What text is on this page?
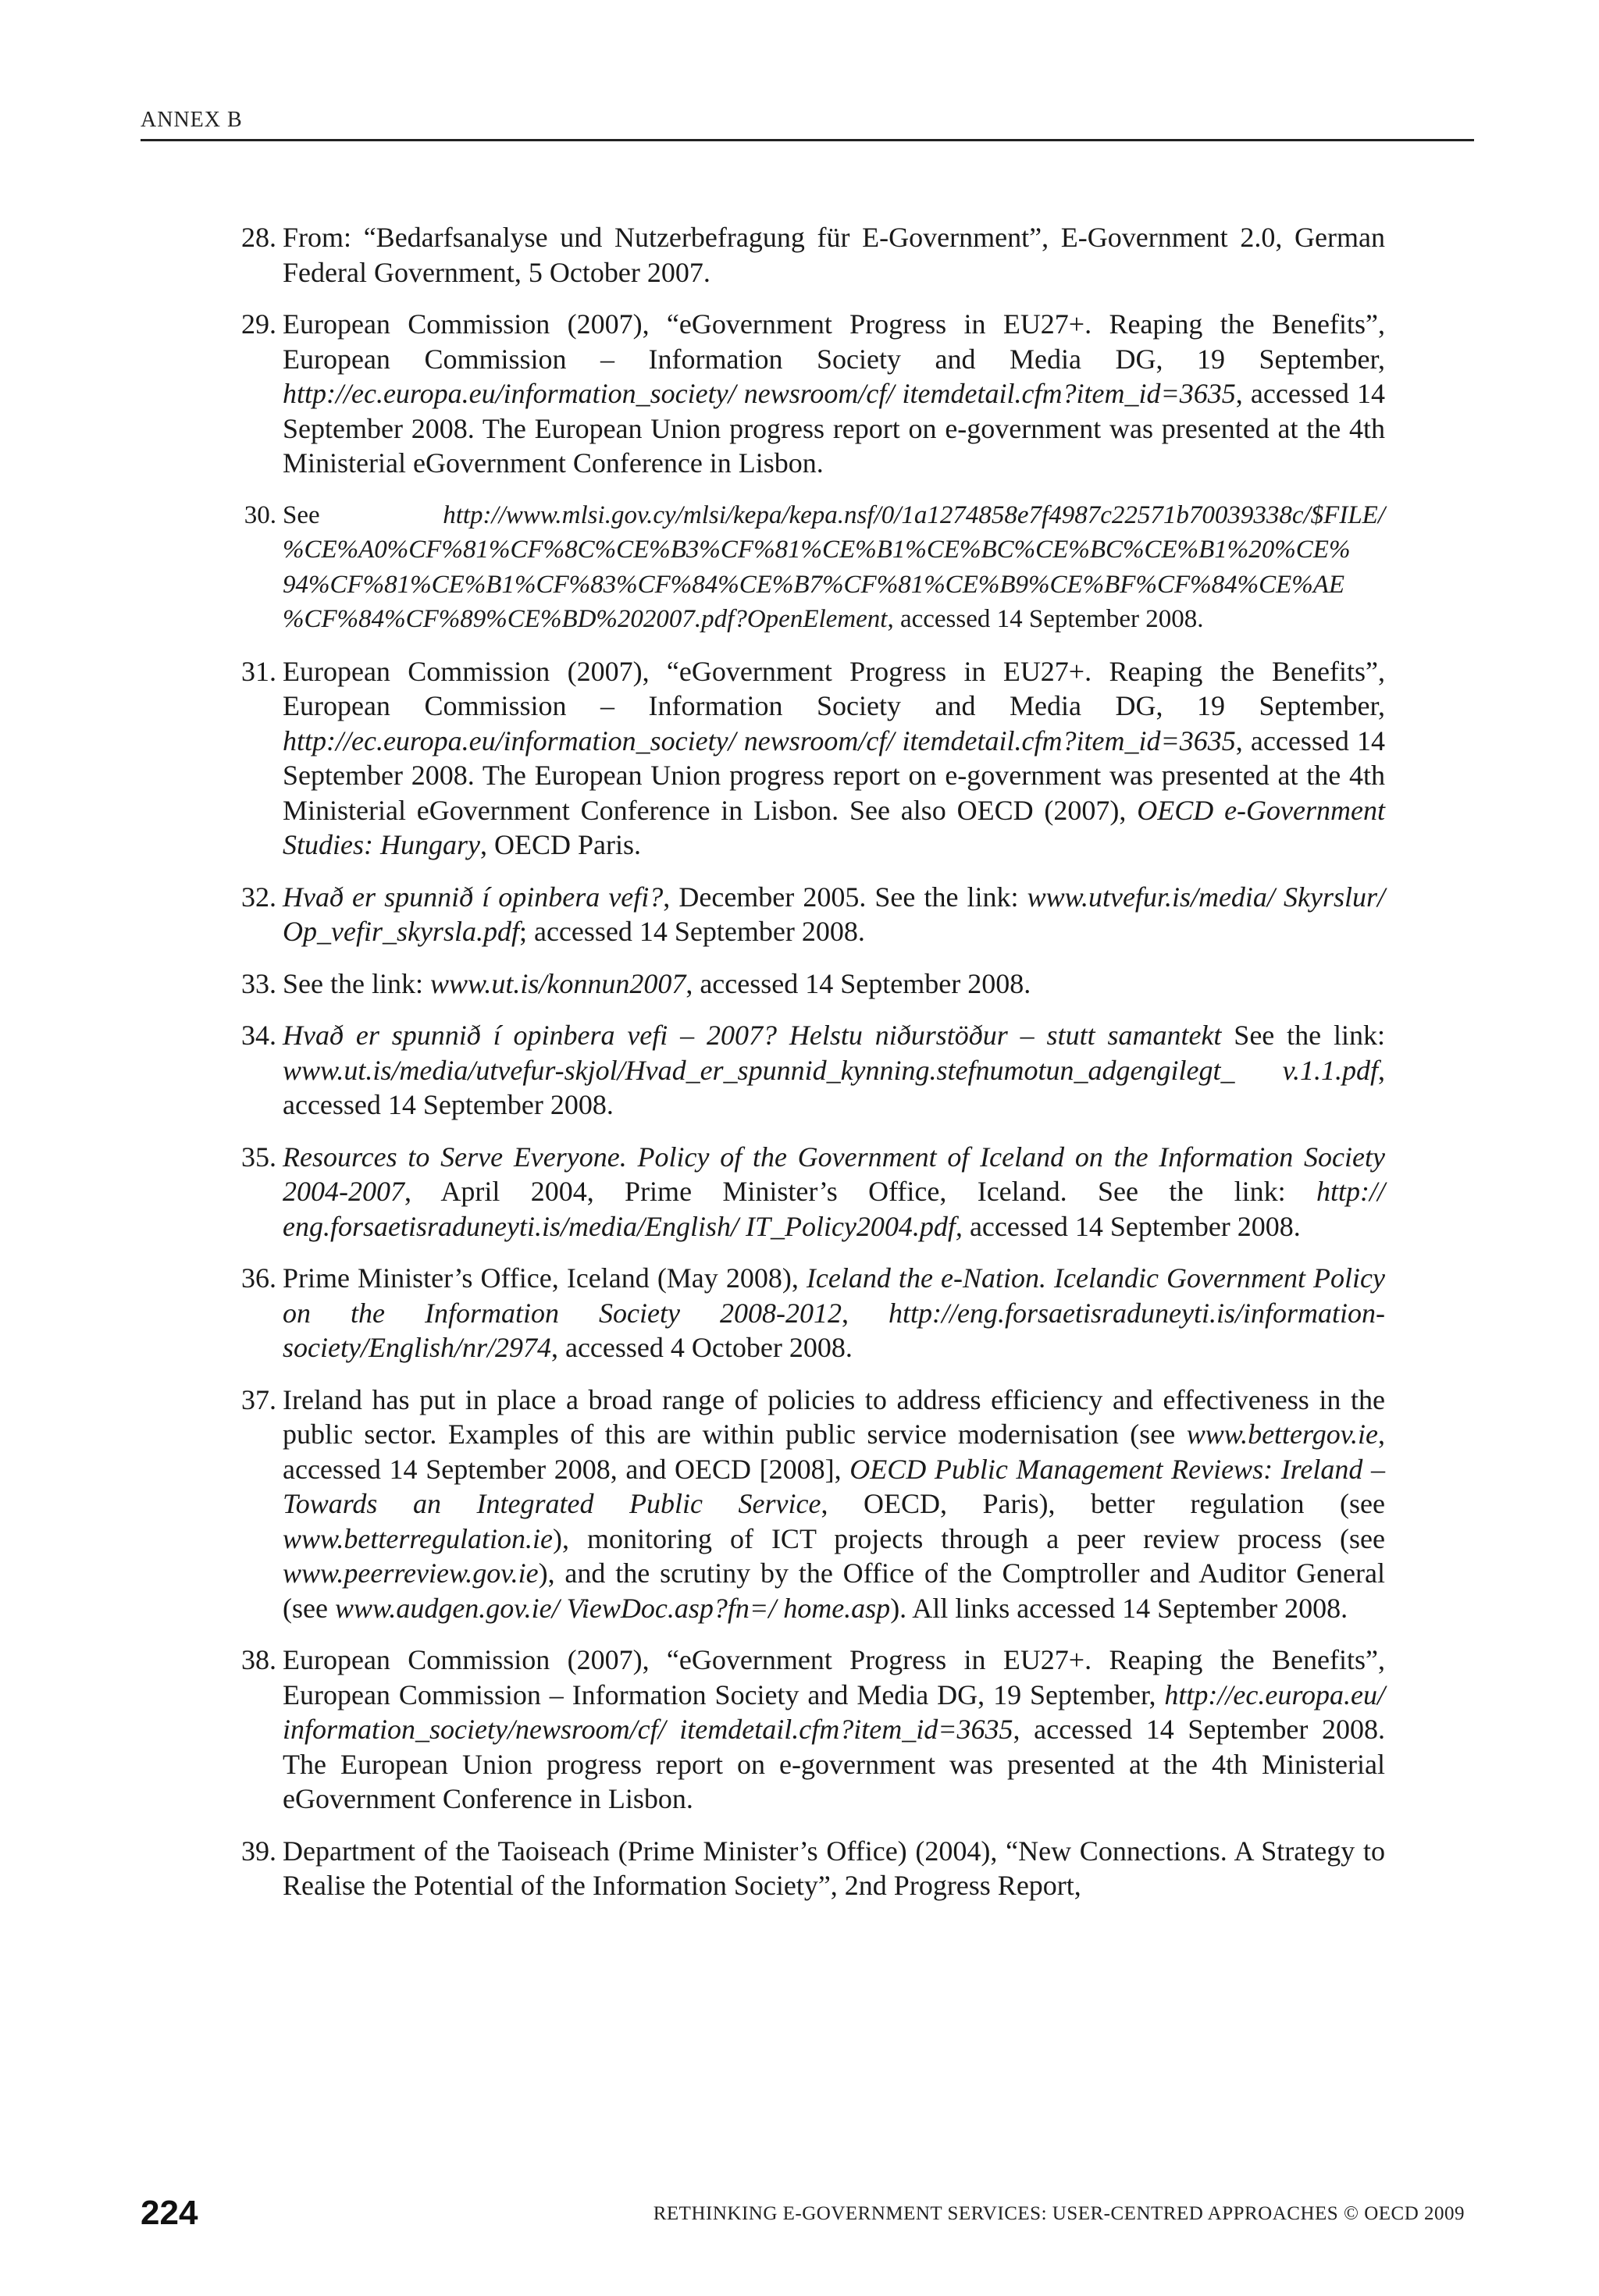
ANNEX B
28. From: “Bedarfsanalyse und Nutzerbefragung für E-Government”, E-Government 2.0, German Federal Government, 5 October 2007.
29. European Commission (2007), “eGovernment Progress in EU27+. Reaping the Benefits”, European Commission – Information Society and Media DG, 19 September, http://ec.europa.eu/information_society/ newsroom/cf/ itemdetail.cfm?item_id=3635, accessed 14 September 2008. The European Union progress report on e-government was presented at the 4th Ministerial eGovernment Conference in Lisbon.
30. See http://www.mlsi.gov.cy/mlsi/kepa/kepa.nsf/0/1a1274858e7f4987c22571b70039338c/$FILE/ %CE%A0%CF%81%CF%8C%CE%B3%CF%81%CE%B1%CE%BC%CE%BC%CE%B1%20%CE% 94%CF%81%CE%B1%CF%83%CF%84%CE%B7%CF%81%CE%B9%CE%BF%CF%84%CE%AE %CF%84%CF%89%CE%BD%202007.pdf?OpenElement, accessed 14 September 2008.
31. European Commission (2007), “eGovernment Progress in EU27+. Reaping the Benefits”, European Commission – Information Society and Media DG, 19 September, http://ec.europa.eu/information_society/ newsroom/cf/ itemdetail.cfm?item_id=3635, accessed 14 September 2008. The European Union progress report on e-government was presented at the 4th Ministerial eGovernment Conference in Lisbon. See also OECD (2007), OECD e-Government Studies: Hungary, OECD Paris.
32. Hvað er spunnið í opinbera vefi?, December 2005. See the link: www.utvefur.is/media/ Skyrslur/ Op_vefir_skyrsla.pdf; accessed 14 September 2008.
33. See the link: www.ut.is/konnun2007, accessed 14 September 2008.
34. Hvað er spunnið í opinbera vefi – 2007? Helstu niðurstöður – stutt samantekt See the link: www.ut.is/media/utvefur-skjol/Hvad_er_spunnid_kynning.stefnumotun_adgengilegt_ v.1.1.pdf, accessed 14 September 2008.
35. Resources to Serve Everyone. Policy of the Government of Iceland on the Information Society 2004-2007, April 2004, Prime Minister’s Office, Iceland. See the link: http:// eng.forsaetisraduneyti.is/media/English/ IT_Policy2004.pdf, accessed 14 September 2008.
36. Prime Minister’s Office, Iceland (May 2008), Iceland the e-Nation. Icelandic Government Policy on the Information Society 2008-2012, http://eng.forsaetisraduneyti.is/information-society/English/nr/2974, accessed 4 October 2008.
37. Ireland has put in place a broad range of policies to address efficiency and effectiveness in the public sector. Examples of this are within public service modernisation (see www.bettergov.ie, accessed 14 September 2008, and OECD [2008], OECD Public Management Reviews: Ireland – Towards an Integrated Public Service, OECD, Paris), better regulation (see www.betterregulation.ie), monitoring of ICT projects through a peer review process (see www.peerreview.gov.ie), and the scrutiny by the Office of the Comptroller and Auditor General (see www.audgen.gov.ie/ ViewDoc.asp?fn=/ home.asp). All links accessed 14 September 2008.
38. European Commission (2007), “eGovernment Progress in EU27+. Reaping the Benefits”, European Commission – Information Society and Media DG, 19 September, http://ec.europa.eu/ information_society/newsroom/cf/ itemdetail.cfm?item_id=3635, accessed 14 September 2008. The European Union progress report on e-government was presented at the 4th Ministerial eGovernment Conference in Lisbon.
39. Department of the Taoiseach (Prime Minister’s Office) (2004), “New Connections. A Strategy to Realise the Potential of the Information Society”, 2nd Progress Report,
224	RETHINKING E-GOVERNMENT SERVICES: USER-CENTRED APPROACHES © OECD 2009
